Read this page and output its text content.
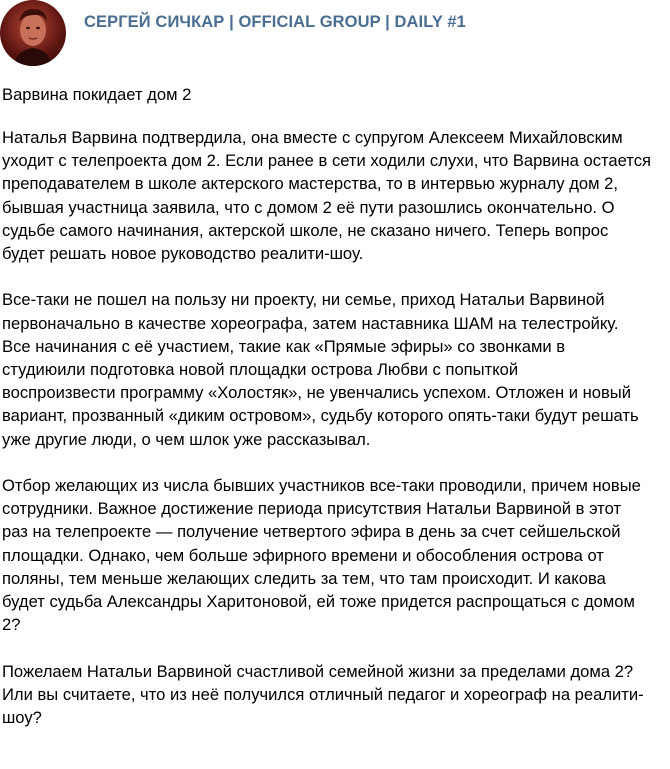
СЕРГЕЙ СИЧКАР | OFFICIAL GROUP | DAILY #1
Варвина покидает дом 2
Наталья Варвина подтвердила, она вместе с супругом Алексеем Михайловским
уходит с телепроекта дом 2. Если ранее в сети ходили слухи, что Варвина остается
преподавателем в школе актерского мастерства, то в интервью журналу дом 2,
бывшая участница заявила, что с домом 2 её пути разошлись окончательно. О
судьбе самого начинания, актерской школе, не сказано ничего. Теперь вопрос
будет решать новое руководство реалити-шоу.
Все-таки не пошел на пользу ни проекту, ни семье, приход Натальи Варвиной
первоначально в качестве хореографа, затем наставника ШАМ на телестройку.
Все начинания с её участием, такие как «Прямые эфиры» со звонками в
студиюили подготовка новой площадки острова Любви с попыткой
воспроизвести программу «Холостяк», не увенчались успехом. Отложен и новый
вариант, прозванный «диким островом», судьбу которого опять-таки будут решать
уже другие люди, о чем шлок уже рассказывал.
Отбор желающих из числа бывших участников все-таки проводили, причем новые
сотрудники. Важное достижение периода присутствия Натальи Варвиной в этот
раз на телепроекте — получение четвертого эфира в день за счет сейшельской
площадки. Однако, чем больше эфирного времени и обособления острова от
поляны, тем меньше желающих следить за тем, что там происходит. И какова
будет судьба Александры Харитоновой, ей тоже придется распрощаться с домом
2?
Пожелаем Натальи Варвиной счастливой семейной жизни за пределами дома 2?
Или вы считаете, что из неё получился отличный педагог и хореограф на реалити-
шоу?
